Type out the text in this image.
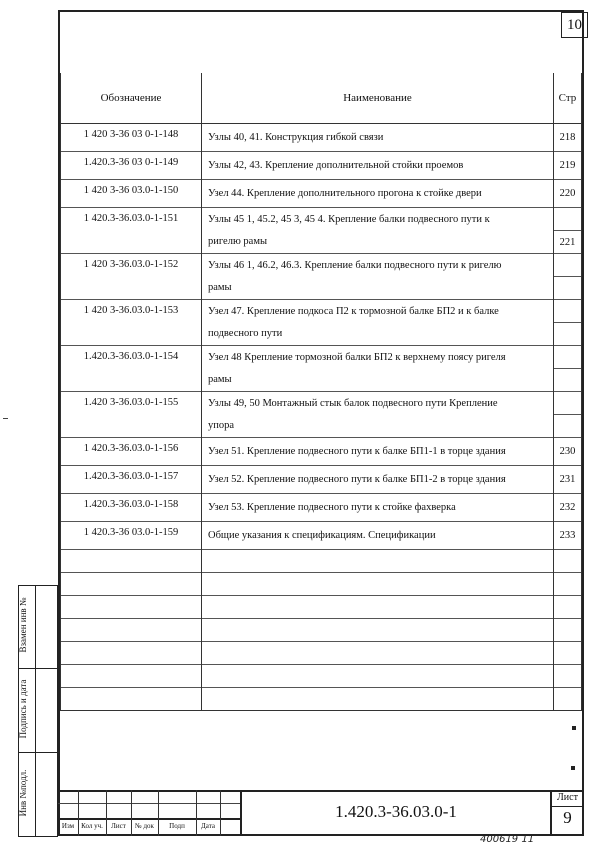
10
Обозначение	Наименование	Стр
1 420 3-36 03 0-1-148	Узлы 40, 41. Конструкция гибкой связи	218
1.420.3-36 03 0-1-149	Узлы 42, 43. Крепление дополнительной стойки проемов	219
1 420 3-36 03.0-1-150	Узел 44. Крепление дополнительного прогона к стойке двери	220
1 420.3-36.03.0-1-151	Узлы 45 1, 45.2, 45 3, 45 4. Крепление балки подвесного пути к	
	ригелю рамы	221
1 420 3-36.03.0-1-152	Узлы 46 1, 46.2, 46.3. Крепление балки подвесного пути к ригелю	
	рамы	
1 420 3-36.03.0-1-153	Узел 47. Крепление подкоса П2 к тормозной балке БП2 и к балке	
	подвесного пути	
1.420.3-36.03.0-1-154	Узел 48 Крепление тормозной балки БП2 к верхнему поясу ригеля	
	рамы	
1.420 3-36.03.0-1-155	Узлы 49, 50 Монтажный стык балок подвесного пути Крепление	
	упора	
1 420.3-36.03.0-1-156	Узел 51. Крепление подвесного пути к балке БП1-1 в торце здания	230
1.420.3-36.03.0-1-157	Узел 52. Крепление подвесного пути к балке БП1-2 в торце здания	231
1.420.3-36.03.0-1-158	Узел 53. Крепление подвесного пути к стойке фахверка	232
1 420.3-36 03.0-1-159	Общие указания к спецификациям. Спецификации	233

Взамен инв №
Подпись и дата
Инв №подл.
Изм	Кол уч.	Лист	№ док	Подп	Дата
1.420.3-36.03.0-1
Лист
9
400619 11
